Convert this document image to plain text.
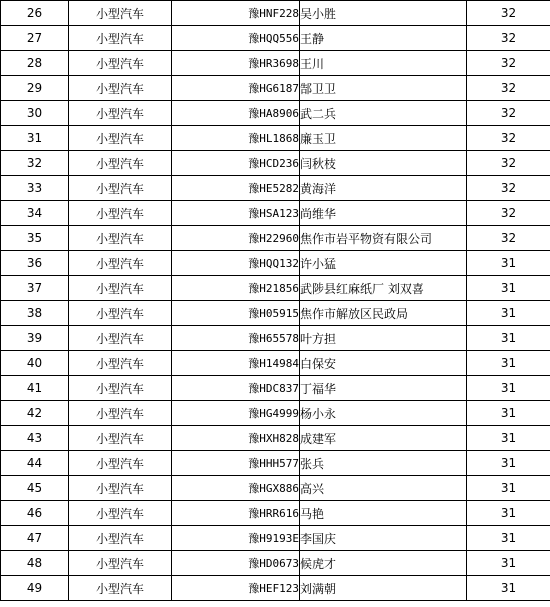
26	小型汽车	豫HNF228	吴小胜	32
27	小型汽车	豫HQQ556	王静	32
28	小型汽车	豫HR3698	王川	32
29	小型汽车	豫HG6187	郜卫卫	32
30	小型汽车	豫HA8906	武二兵	32
31	小型汽车	豫HL1868	廉玉卫	32
32	小型汽车	豫HCD236	闫秋枝	32
33	小型汽车	豫HE5282	黄海洋	32
34	小型汽车	豫HSA123	尚维华	32
35	小型汽车	豫H22960	焦作市岩平物资有限公司	32
36	小型汽车	豫HQQ132	许小猛	31
37	小型汽车	豫H21856	武陟县红麻纸厂 刘双喜	31
38	小型汽车	豫H05915	焦作市解放区民政局	31
39	小型汽车	豫H65578	叶方担	31
40	小型汽车	豫H14984	白保安	31
41	小型汽车	豫HDC837	丁福华	31
42	小型汽车	豫HG4999	杨小永	31
43	小型汽车	豫HXH828	成建军	31
44	小型汽车	豫HHH577	张兵	31
45	小型汽车	豫HGX886	高兴	31
46	小型汽车	豫HRR616	马艳	31
47	小型汽车	豫H9193E	李国庆	31
48	小型汽车	豫HD0673	候虎才	31
49	小型汽车	豫HEF123	刘满朝	31
